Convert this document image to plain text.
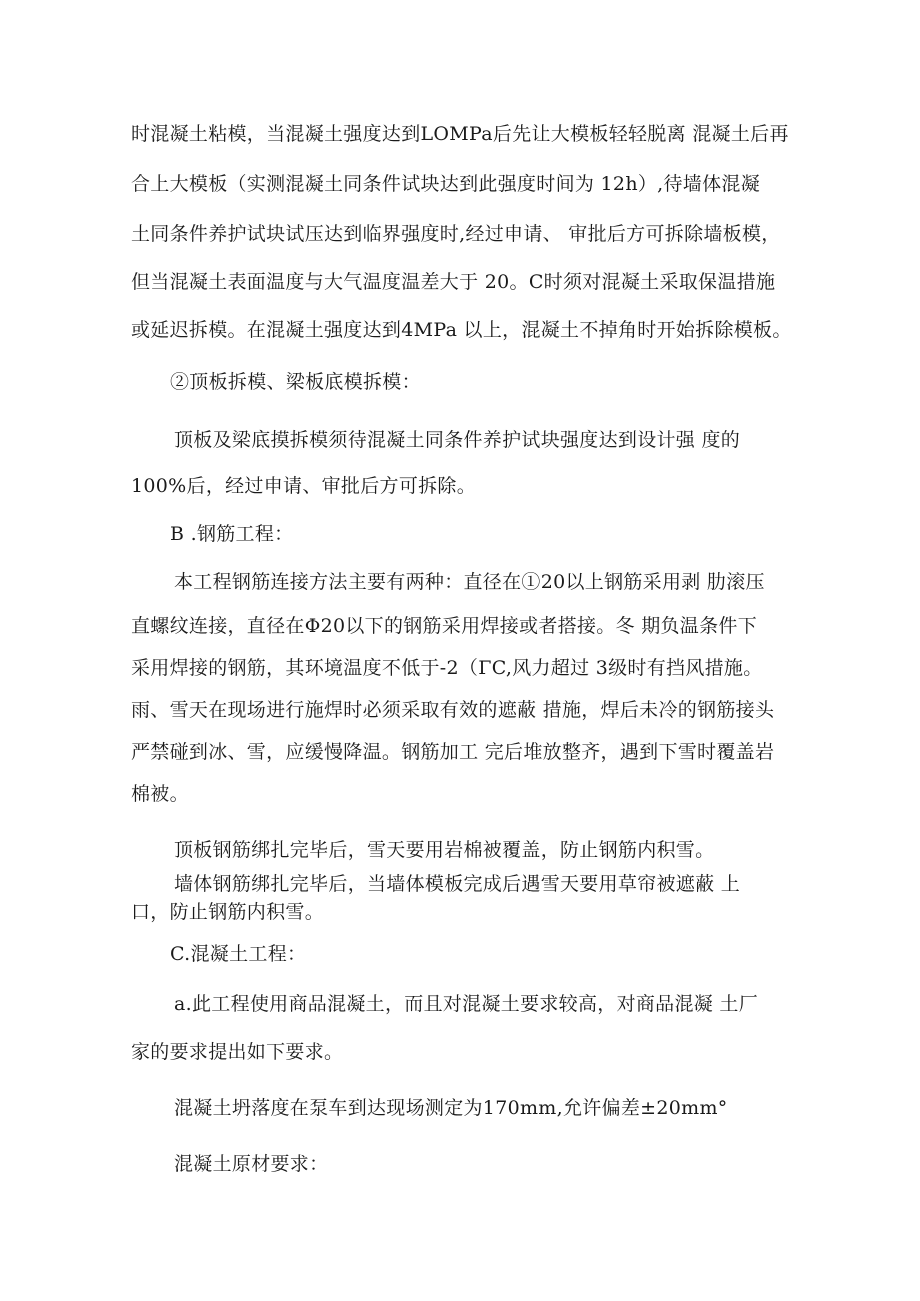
时混凝土粘模，当混凝土强度达到LOMPa后先让大模板轻轻脱离 混凝土后再
合上大模板（实测混凝土同条件试块达到此强度时间为 12h）,待墙体混凝
土同条件养护试块试压达到临界强度时,经过申请、 审批后方可拆除墙板模，
但当混凝土表面温度与大气温度温差大于 20。C时须对混凝土采取保温措施
或延迟拆模。在混凝土强度达到4MPa 以上，混凝土不掉角时开始拆除模板。
②顶板拆模、梁板底模拆模：
顶板及梁底摸拆模须待混凝土同条件养护试块强度达到设计强 度的
100%后，经过申请、审批后方可拆除。
B .钢筋工程：
本工程钢筋连接方法主要有两种：直径在①20以上钢筋采用剥 肋滚压
直螺纹连接，直径在Φ20以下的钢筋采用焊接或者搭接。冬 期负温条件下
采用焊接的钢筋，其环境温度不低于-2（ΓC,风力超过 3级时有挡风措施。
雨、雪天在现场进行施焊时必须采取有效的遮蔽 措施，焊后未冷的钢筋接头
严禁碰到冰、雪，应缓慢降温。钢筋加工 完后堆放整齐，遇到下雪时覆盖岩
棉被。
顶板钢筋绑扎完毕后，雪天要用岩棉被覆盖，防止钢筋内积雪。
墙体钢筋绑扎完毕后，当墙体模板完成后遇雪天要用草帘被遮蔽 上
口，防止钢筋内积雪。
C.混凝土工程：
a.此工程使用商品混凝土，而且对混凝土要求较高，对商品混凝 土厂
家的要求提出如下要求。
混凝土坍落度在泵车到达现场测定为170mm,允许偏差±20mm°
混凝土原材要求：
